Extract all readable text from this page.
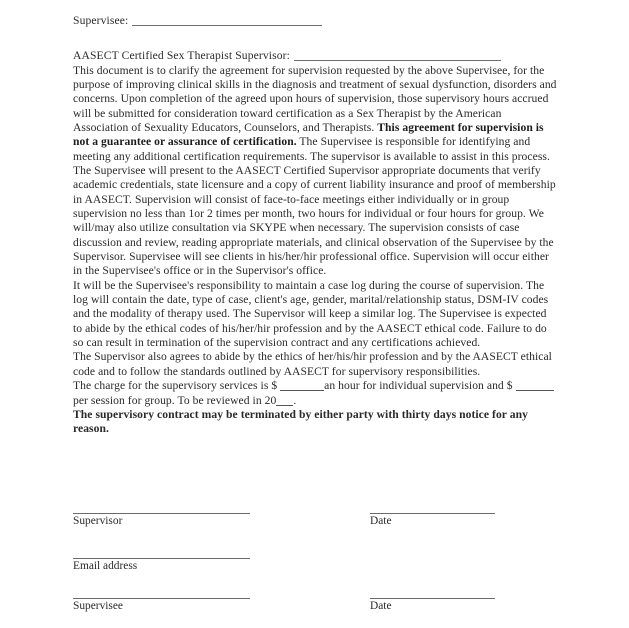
Supervisee:
AASECT Certified Sex Therapist Supervisor:

This document is to clarify the agreement for supervision requested by the above Supervisee, for the purpose of improving clinical skills in the diagnosis and treatment of sexual dysfunction, disorders and concerns. Upon completion of the agreed upon hours of supervision, those supervisory hours accrued will be submitted for consideration toward certification as a Sex Therapist by the American Association of Sexuality Educators, Counselors, and Therapists. This agreement for supervision is not a guarantee or assurance of certification. The Supervisee is responsible for identifying and meeting any additional certification requirements. The supervisor is available to assist in this process.

The Supervisee will present to the AASECT Certified Supervisor appropriate documents that verify academic credentials, state licensure and a copy of current liability insurance and proof of membership in AASECT. Supervision will consist of face-to-face meetings either individually or in group supervision no less than 1or 2 times per month, two hours for individual or four hours for group. We will/may also utilize consultation via SKYPE when necessary. The supervision consists of case discussion and review, reading appropriate materials, and clinical observation of the Supervisee by the Supervisor. Supervisee will see clients in his/her/hir professional office. Supervision will occur either in the Supervisee's office or in the Supervisor's office.

It will be the Supervisee's responsibility to maintain a case log during the course of supervision. The log will contain the date, type of case, client's age, gender, marital/relationship status, DSM-IV codes and the modality of therapy used. The Supervisor will keep a similar log. The Supervisee is expected to abide by the ethical codes of his/her/hir profession and by the AASECT ethical code. Failure to do so can result in termination of the supervision contract and any certifications achieved.

The Supervisor also agrees to abide by the ethics of her/his/hir profession and by the AASECT ethical code and to follow the standards outlined by AASECT for supervisory responsibilities.

The charge for the supervisory services is $	an hour for individual supervision and $ per session for group. To be reviewed in 20 .

The supervisory contract may be terminated by either party with thirty days notice for any reason.

Supervisor	Date
Email address
Supervisee	Date
